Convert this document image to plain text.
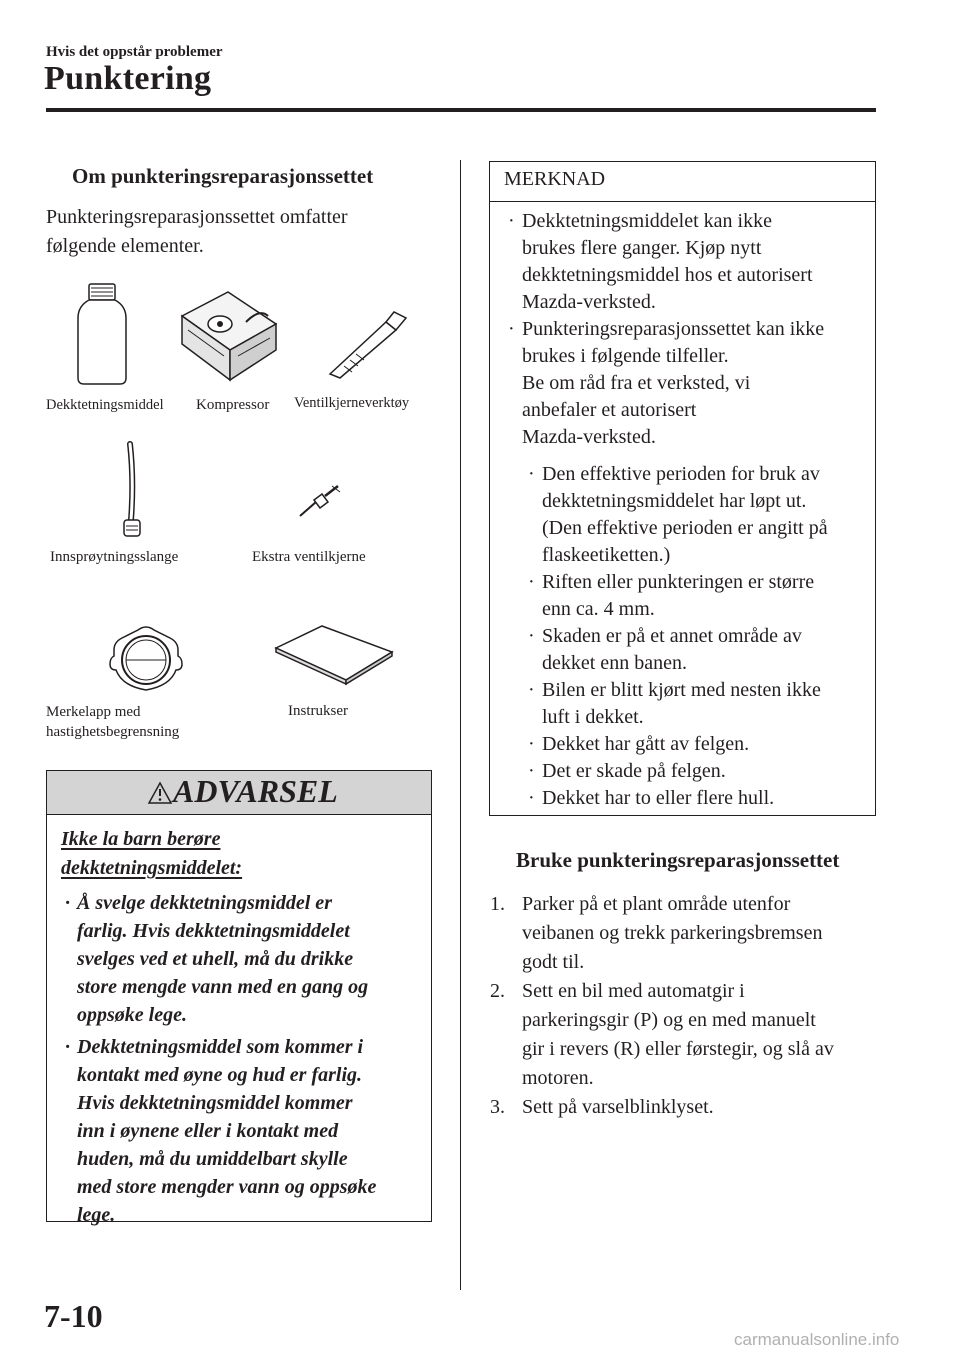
Hvis det oppstår problemer
Punktering
Om punkteringsreparasjonssettet
Punkteringsreparasjonssettet omfatter
følgende elementer.
Dekktetningsmiddel Kompressor Ventilkjerneverktøy
Innsprøytningsslange	Ekstra ventilkjerne
Merkelapp med
hastighetsbegrensning
Instrukser
ADVARSEL
Ikke la barn berøre
dekktetningsmiddelet:
· Å svelge dekktetningsmiddel er
farlig. Hvis dekktetningsmiddelet
svelges ved et uhell, må du drikke
store mengde vann med en gang og
oppsøke lege.
· Dekktetningsmiddel som kommer i
kontakt med øyne og hud er farlig.
Hvis dekktetningsmiddel kommer
inn i øynene eller i kontakt med
huden, må du umiddelbart skylle
med store mengder vann og oppsøke
lege.
MERKNAD
· Dekktetningsmiddelet kan ikke
brukes flere ganger. Kjøp nytt
dekktetningsmiddel hos et autorisert
Mazda-verksted.
· Punkteringsreparasjonssettet kan ikke
brukes i følgende tilfeller.
Be om råd fra et verksted, vi
anbefaler et autorisert
Mazda-verksted.
· Den effektive perioden for bruk av
dekktetningsmiddelet har løpt ut.
(Den effektive perioden er angitt på
flaskeetiketten.)
· Riften eller punkteringen er større
enn ca. 4 mm.
· Skaden er på et annet område av
dekket enn banen.
· Bilen er blitt kjørt med nesten ikke
luft i dekket.
· Dekket har gått av felgen.
· Det er skade på felgen.
· Dekket har to eller flere hull.
Bruke punkteringsreparasjonssettet
1. Parker på et plant område utenfor
veibanen og trekk parkeringsbremsen
godt til.
2. Sett en bil med automatgir i
parkeringsgir (P) og en med manuelt
gir i revers (R) eller førstegir, og slå av
motoren.
3. Sett på varselblinklyset.
7-10
carmanualsonline.info
